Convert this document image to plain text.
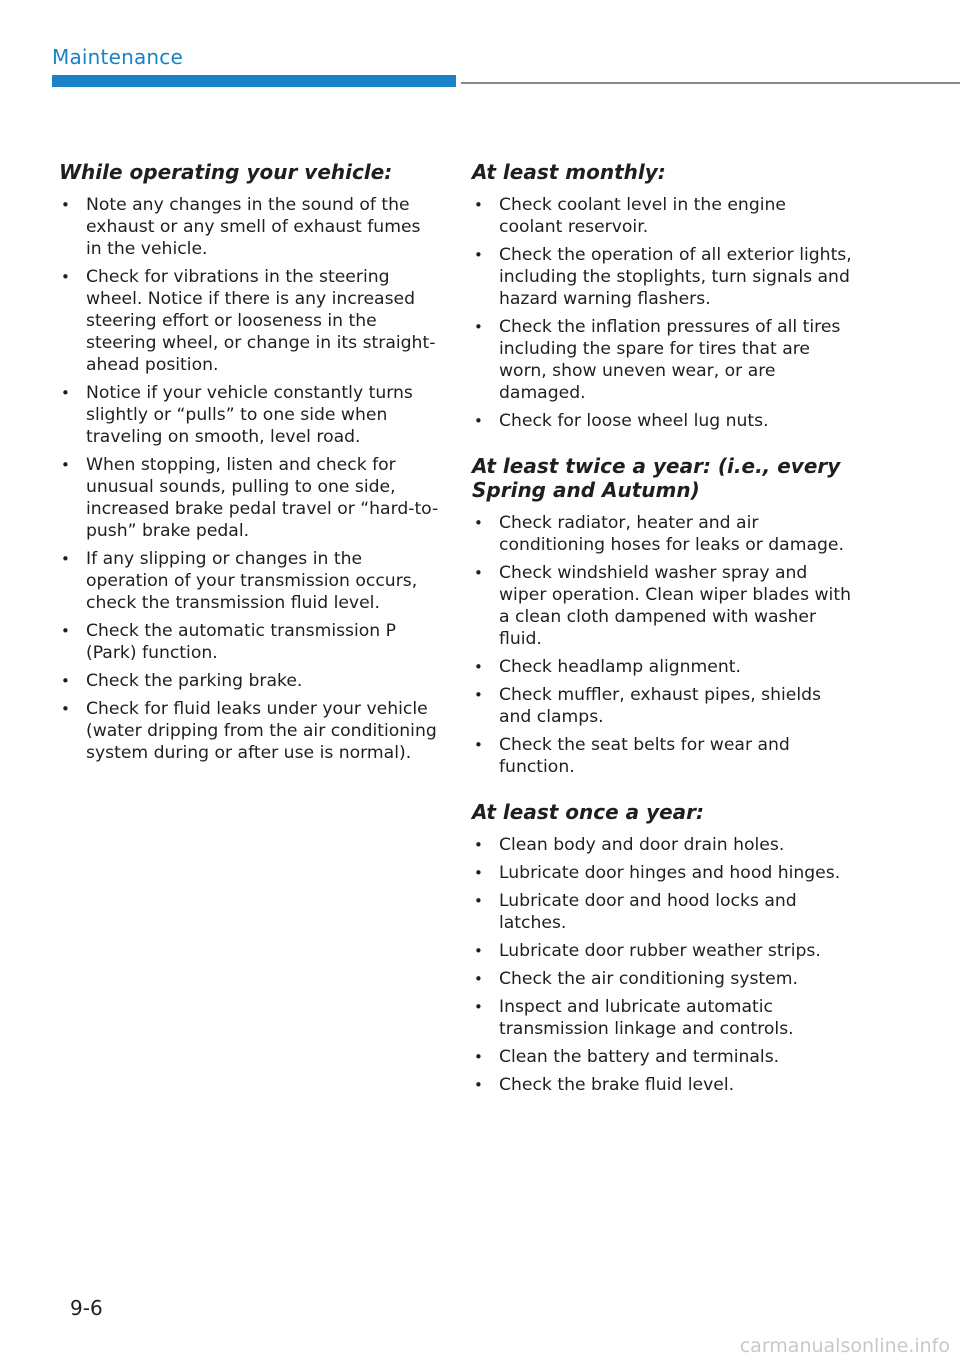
Maintenance
While operating your vehicle:
• Note any changes in the sound of the exhaust or any smell of exhaust fumes in the vehicle.
• Check for vibrations in the steering wheel. Notice if there is any increased steering effort or looseness in the steering wheel, or change in its straight-ahead position.
• Notice if your vehicle constantly turns slightly or “pulls” to one side when traveling on smooth, level road.
• When stopping, listen and check for unusual sounds, pulling to one side, increased brake pedal travel or “hard-to-push” brake pedal.
• If any slipping or changes in the operation of your transmission occurs, check the transmission fluid level.
• Check the automatic transmission P (Park) function.
• Check the parking brake.
• Check for fluid leaks under your vehicle (water dripping from the air conditioning system during or after use is normal).
At least monthly:
• Check coolant level in the engine coolant reservoir.
• Check the operation of all exterior lights, including the stoplights, turn signals and hazard warning flashers.
• Check the inflation pressures of all tires including the spare for tires that are worn, show uneven wear, or are damaged.
• Check for loose wheel lug nuts.
At least twice a year: (i.e., every Spring and Autumn)
• Check radiator, heater and air conditioning hoses for leaks or damage.
• Check windshield washer spray and wiper operation. Clean wiper blades with a clean cloth dampened with washer fluid.
• Check headlamp alignment.
• Check muffler, exhaust pipes, shields and clamps.
• Check the seat belts for wear and function.
At least once a year:
• Clean body and door drain holes.
• Lubricate door hinges and hood hinges.
• Lubricate door and hood locks and latches.
• Lubricate door rubber weather strips.
• Check the air conditioning system.
• Inspect and lubricate automatic transmission linkage and controls.
• Clean the battery and terminals.
• Check the brake fluid level.
9-6
carmanualsonline.info
